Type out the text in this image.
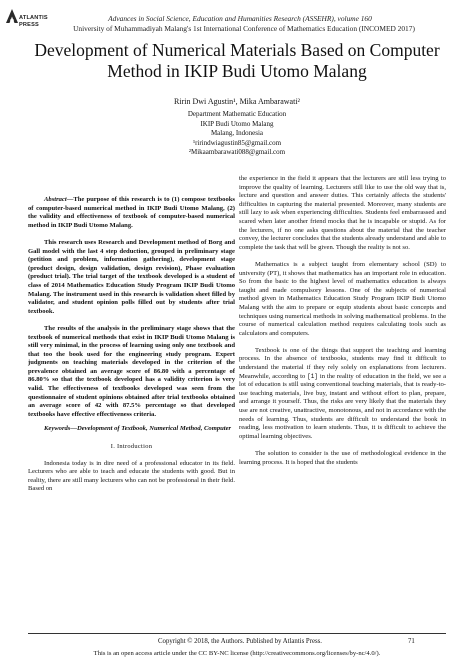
ATLANTIS
PRESS
Advances in Social Science, Education and Humanities Research (ASSEHR), volume 160
University of Muhammadiyah Malang's 1st International Conference of Mathematics Education (INCOMED 2017)
Development of Numerical Materials Based on Computer Method in IKIP Budi Utomo Malang
Ririn Dwi Agustin¹, Mika Ambarawati²
Department Mathematic Education
IKIP Budi Utomo Malang
Malang, Indonesia
¹ririndwiagustin85@gmail.com
²Mikaambarawati088@gmail.com
Abstract—The purpose of this research is to (1) compose textbooks of computer-based numerical method in IKIP Budi Utomo Malang, (2) the validity and effectiveness of textbook of computer-based numerical method in IKIP Budi Utomo Malang.
This research uses Research and Development method of Borg and Gall model with the last 4 step deduction, grouped in preliminary stage (petition and problem, information gathering), development stage (product design, design validation, design revision), Phase evaluation (product trial). The trial target of the textbook developed is a student of class of 2014 Mathematics Education Study Program IKIP Budi Utomo Malang. The instrument used in this research is validation sheet filled by validator, and student opinion polls filled out by students after trial textbook.
The results of the analysis in the preliminary stage shows that the textbook of numerical methods that exist in IKIP Budi Utomo Malang is still very minimal, in the process of learning using only one textbook and that too the book used for the engineering study program. Expert judgments on teaching materials developed in the criterion of the prevalence obtained an average score of 86.80 with a percentage of 86.80% so that the textbook developed has a validity criterion is very valid. The effectiveness of textbooks developed was seen from the questionnaire of student opinions obtained after trial textbooks obtained an average score of 42 with 87.5% percentage so that developed textbooks have effective effectiveness criteria.
Keywords—Development of Textbook, Numerical Method, Computer
I. Introduction
Indonesia today is in dire need of a professional educator in its field. Lecturers who are able to teach and educate the students with good. But in reality, there are still many lecturers who can not be professional in their field. Based on
the experience in the field it appears that the lecturers are still less trying to improve the quality of learning. Lecturers still like to use the old way that is, lecture and question and answer duties. This certainly affects the students' difficulties in capturing the material presented. Moreover, many students are still lazy to ask when experiencing difficulties. Students feel embarrassed and scared when later another friend mocks that he is incapable or stupid. As for the lecturers, if no one asks questions about the material that the teacher convey, the lecturer concludes that the students already understand and able to complete the task that will be given. Though the reality is not so.
Mathematics is a subject taught from elementary school (SD) to university (PT), it shows that mathematics has an important role in education. So from the basic to the highest level of mathematics education is always taught and made compulsory lessons. One of the subjects of numerical method given in Mathematics Education Study Program IKIP Budi Utomo Malang with the aim to prepare or equip students about basic concepts and techniques using numerical methods in solving mathematical problems. In the course of numerical calculation method requires calculating tools such as calculators and computers.
Textbook is one of the things that support the teaching and learning process. In the absence of textbooks, students may find it difficult to understand the material if they rely solely on explanations from lecturers. Meanwhile, according to [1] in the reality of education in the field, we see a lot of education is still using conventional teaching materials, that is ready-to-use teaching materials, live buy, instant and without effort to plan, prepare, and arrange it yourself. Thus, the risks are very likely that the materials they use are not creative, unattractive, monotonous, and not in accordance with the needs of learning. Thus, students are difficult to understand the book in reading, less motivation to learn students. Thus, it is difficult to achieve the optimal learning objectives.
The solution to consider is the use of methodological evidence in the learning process. It is hoped that the students
Copyright © 2018, the Authors. Published by Atlantis Press.	71
This is an open access article under the CC BY-NC license (http://creativecommons.org/licenses/by-nc/4.0/).
